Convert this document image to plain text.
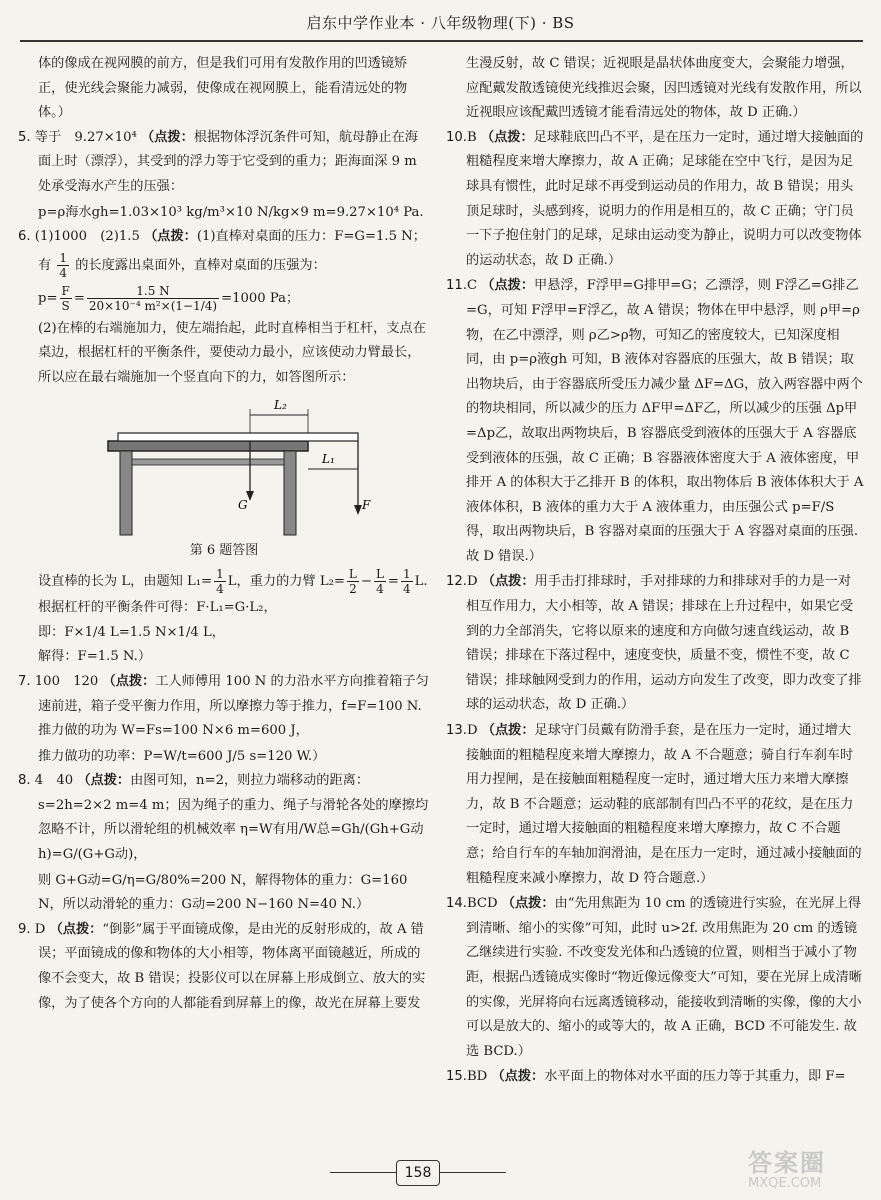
启东中学作业本 · 八年级物理(下) · BS

体的像成在视网膜的前方，但是我们可用有发散作用的凹透镜矫正，使光线会聚能力减弱，使像成在视网膜上，能看清远处的物体。）

5. 等于　9.27×10⁴ （点拨：根据物体浮沉条件可知，航母静止在海面上时（漂浮），其受到的浮力等于它受到的重力；距海面深 9 m 处承受海水产生的压强：

p=ρ海水gh=1.03×10³ kg/m³×10 N/kg×9 m=9.27×10⁴ Pa.

6. (1)1000　(2)1.5 （点拨：(1)直棒对桌面的压力：F=G=1.5 N；

有 $\frac{1}{4}$ 的长度露出桌面外，直棒对桌面的压强为：

$p= \frac{F}{S} = \frac{1.5 N}{\text{20×10⁻⁴ m²×(1−1/4)}} =1000$ Pa；

(2)在棒的右端施加力，使左端抬起，此时直棒相当于杠杆，支点在桌边，根据杠杆的平衡条件，要使动力最小，应该使动力臂最长，所以应在最右端施加一个竖直向下的力，如答图所示：

L₂
G
L₁
F

第 6 题答图

设直棒的长为 L，由题知 $L_1= \frac{1}{4}$ L，重力的力臂 $L_2= \frac{L}{2} - \frac{L}{4} = \frac{1}{4} L$.

根据杠杆的平衡条件可得：F·L₁=G·L₂，

即：F×1/4 L=1.5 N×1/4 L，

解得：F=1.5 N.）

7. 100　120 （点拨：工人师傅用 100 N 的力沿水平方向推着箱子匀速前进，箱子受平衡力作用，所以摩擦力等于推力，f=F=100 N. 推力做的功为 W=Fs=100 N×6 m=600 J，

推力做功的功率：P=W/t=600 J/5 s=120 W.）

8. 4　40 （点拨：由图可知，n=2，则拉力端移动的距离：s=2h=2×2 m=4 m；因为绳子的重力、绳子与滑轮各处的摩擦均忽略不计，所以滑轮组的机械效率 η=W有用/W总=Gh/(Gh+G动h)=G/(G+G动)，

则 G+G动=G/η=G/80%=200 N，解得物体的重力：G=160 N，所以动滑轮的重力：G动=200 N−160 N=40 N.）

9. D （点拨：“倒影”属于平面镜成像，是由光的反射形成的，故 A 错误；平面镜成的像和物体的大小相等，物体离平面镜越近，所成的像不会变大，故 B 错误；投影仪可以在屏幕上形成倒立、放大的实像，为了使各个方向的人都能看到屏幕上的像，故光在屏幕上要发

生漫反射，故 C 错误；近视眼是晶状体曲度变大，会聚能力增强，应配戴发散透镜使光线推迟会聚，因凹透镜对光线有发散作用，所以近视眼应该配戴凹透镜才能看清远处的物体，故 D 正确.）

10.B （点拨：足球鞋底凹凸不平，是在压力一定时，通过增大接触面的粗糙程度来增大摩擦力，故 A 正确；足球能在空中飞行，是因为足球具有惯性，此时足球不再受到运动员的作用力，故 B 错误；用头顶足球时，头感到疼，说明力的作用是相互的，故 C 正确；守门员一下子抱住射门的足球，足球由运动变为静止，说明力可以改变物体的运动状态，故 D 正确.）

11.C （点拨：甲悬浮，F浮甲=G排甲=G；乙漂浮，则 F浮乙=G排乙=G，可知 F浮甲=F浮乙，故 A 错误；物体在甲中悬浮，则 ρ甲=ρ物，在乙中漂浮，则 ρ乙>ρ物，可知乙的密度较大，已知深度相同，由 p=ρ液gh 可知，B 液体对容器底的压强大，故 B 错误；取出物块后，由于容器底所受压力减少量 ΔF=ΔG，放入两容器中两个的物块相同，所以减少的压力 ΔF甲=ΔF乙，所以减少的压强 Δp甲=Δp乙，故取出两物块后，B 容器底受到液体的压强大于 A 容器底受到液体的压强，故 C 正确；B 容器液体密度大于 A 液体密度，甲排开 A 的体积大于乙排开 B 的体积，取出物体后 B 液体体积大于 A 液体体积，B 液体的重力大于 A 液体重力，由压强公式 p=F/S 得，取出两物块后，B 容器对桌面的压强大于 A 容器对桌面的压强. 故 D 错误.）

12.D （点拨：用手击打排球时，手对排球的力和排球对手的力是一对相互作用力，大小相等，故 A 错误；排球在上升过程中，如果它受到的力全部消失，它将以原来的速度和方向做匀速直线运动，故 B 错误；排球在下落过程中，速度变快，质量不变，惯性不变，故 C 错误；排球触网受到力的作用，运动方向发生了改变，即力改变了排球的运动状态，故 D 正确.）

13.D （点拨：足球守门员戴有防滑手套，是在压力一定时，通过增大接触面的粗糙程度来增大摩擦力，故 A 不合题意；骑自行车刹车时用力捏闸，是在接触面粗糙程度一定时，通过增大压力来增大摩擦力，故 B 不合题意；运动鞋的底部制有凹凸不平的花纹，是在压力一定时，通过增大接触面的粗糙程度来增大摩擦力，故 C 不合题意；给自行车的车轴加润滑油，是在压力一定时，通过减小接触面的粗糙程度来减小摩擦力，故 D 符合题意.）

14.BCD （点拨：由“先用焦距为 10 cm 的透镜进行实验，在光屏上得到清晰、缩小的实像”可知，此时 u>2f. 改用焦距为 20 cm 的透镜乙继续进行实验. 不改变发光体和凸透镜的位置，则相当于减小了物距，根据凸透镜成实像时“物近像远像变大”可知，要在光屏上成清晰的实像，光屏将向右远离透镜移动，能接收到清晰的实像，像的大小可以是放大的、缩小的或等大的，故 A 正确，BCD 不可能发生. 故选 BCD.）

15.BD （点拨：水平面上的物体对水平面的压力等于其重力，即 F=

158	答案圈
MXQE.COM
